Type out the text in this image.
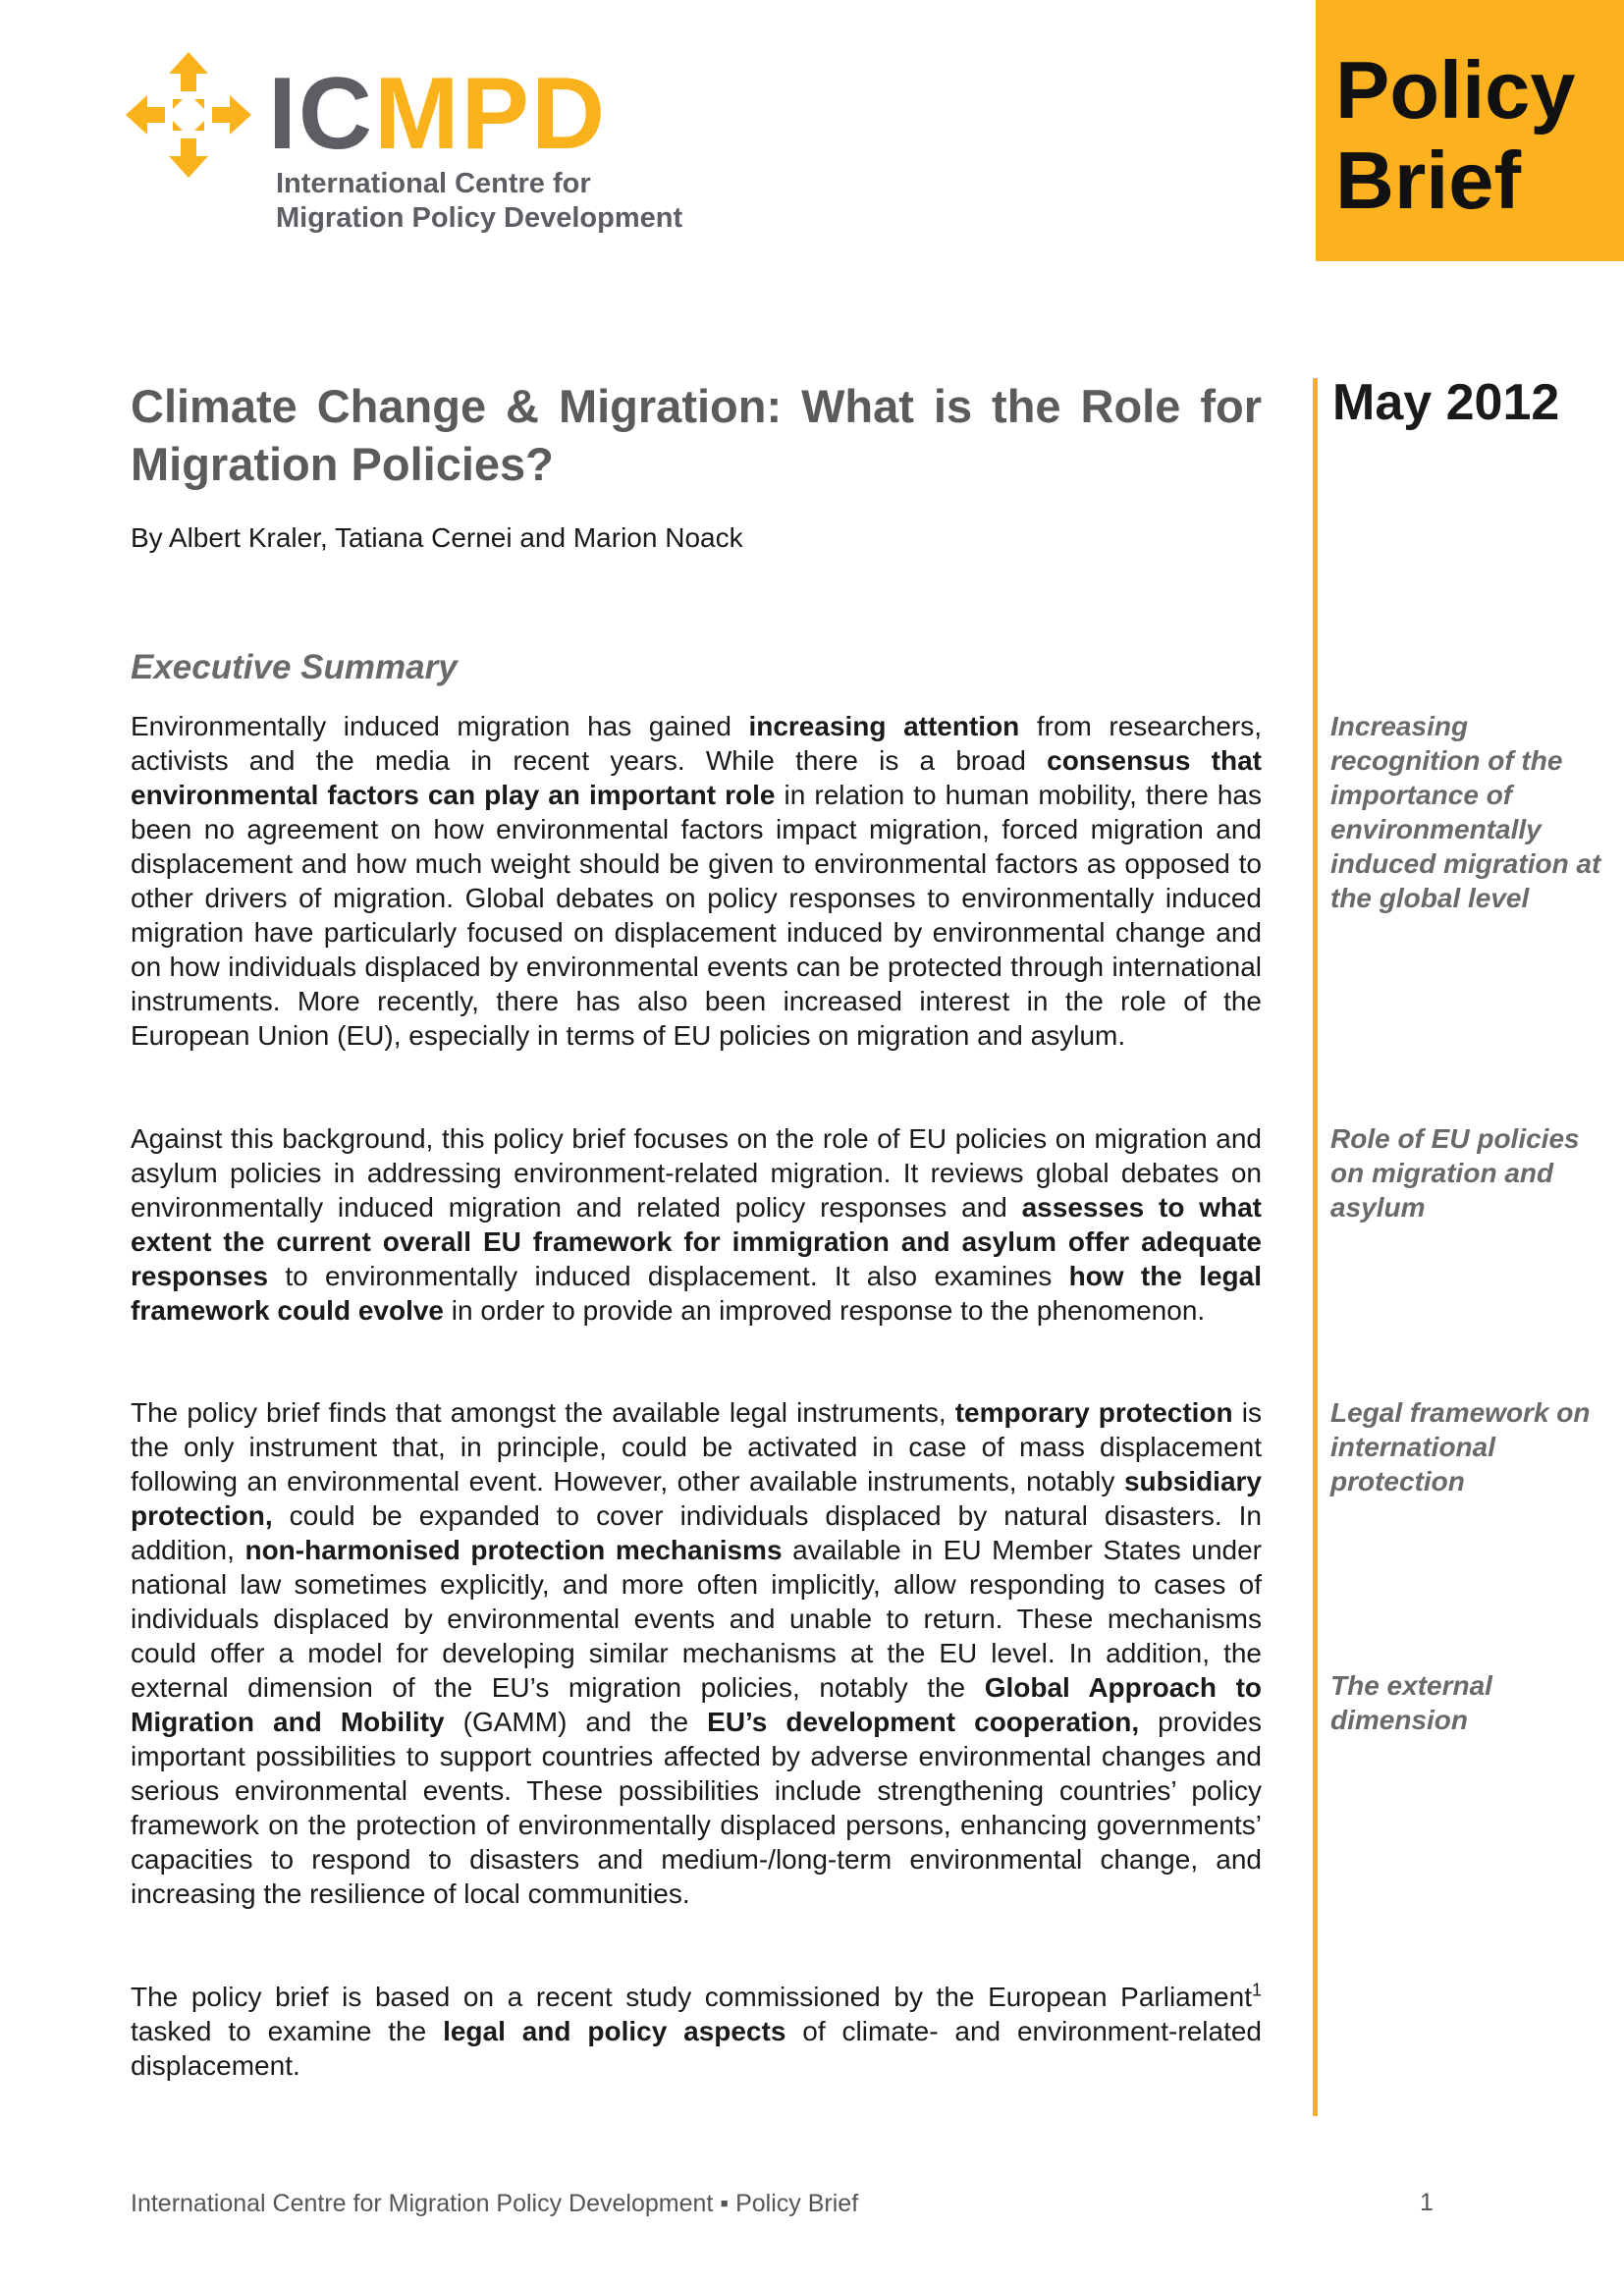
ICMPD
International Centre for
Migration Policy Development
Policy
Brief
May 2012
Climate Change & Migration: What is the Role for Migration Policies?
By Albert Kraler, Tatiana Cernei and Marion Noack
Executive Summary
Environmentally induced migration has gained increasing attention from researchers, activists and the media in recent years. While there is a broad consensus that environmental factors can play an important role in relation to human mobility, there has been no agreement on how environmental factors impact migration, forced migration and displacement and how much weight should be given to environmental factors as opposed to other drivers of migration. Global debates on policy responses to environmentally induced migration have particularly focused on displacement induced by environmental change and on how individuals displaced by environmental events can be protected through international instruments. More recently, there has also been increased interest in the role of the European Union (EU), especially in terms of EU policies on migration and asylum.
Against this background, this policy brief focuses on the role of EU policies on migration and asylum policies in addressing environment-related migration. It reviews global debates on environmentally induced migration and related policy responses and assesses to what extent the current overall EU framework for immigration and asylum offer adequate responses to environmentally induced displacement. It also examines how the legal framework could evolve in order to provide an improved response to the phenomenon.
The policy brief finds that amongst the available legal instruments, temporary protection is the only instrument that, in principle, could be activated in case of mass displacement following an environmental event. However, other available instruments, notably subsidiary protection, could be expanded to cover individuals displaced by natural disasters. In addition, non-harmonised protection mechanisms available in EU Member States under national law sometimes explicitly, and more often implicitly, allow responding to cases of individuals displaced by environmental events and unable to return. These mechanisms could offer a model for developing similar mechanisms at the EU level. In addition, the external dimension of the EU’s migration policies, notably the Global Approach to Migration and Mobility (GAMM) and the EU’s development cooperation, provides important possibilities to support countries affected by adverse environmental changes and serious environmental events. These possibilities include strengthening countries’ policy framework on the protection of environmentally displaced persons, enhancing governments’ capacities to respond to disasters and medium-/long-term environmental change, and increasing the resilience of local communities.
The policy brief is based on a recent study commissioned by the European Parliament$^1$ tasked to examine the legal and policy aspects of climate- and environment-related displacement.
Increasing recognition of the importance of environmentally induced migration at the global level
Role of EU policies on migration and asylum
Legal framework on international protection
The external dimension
International Centre for Migration Policy Development ▪ Policy Brief	1
